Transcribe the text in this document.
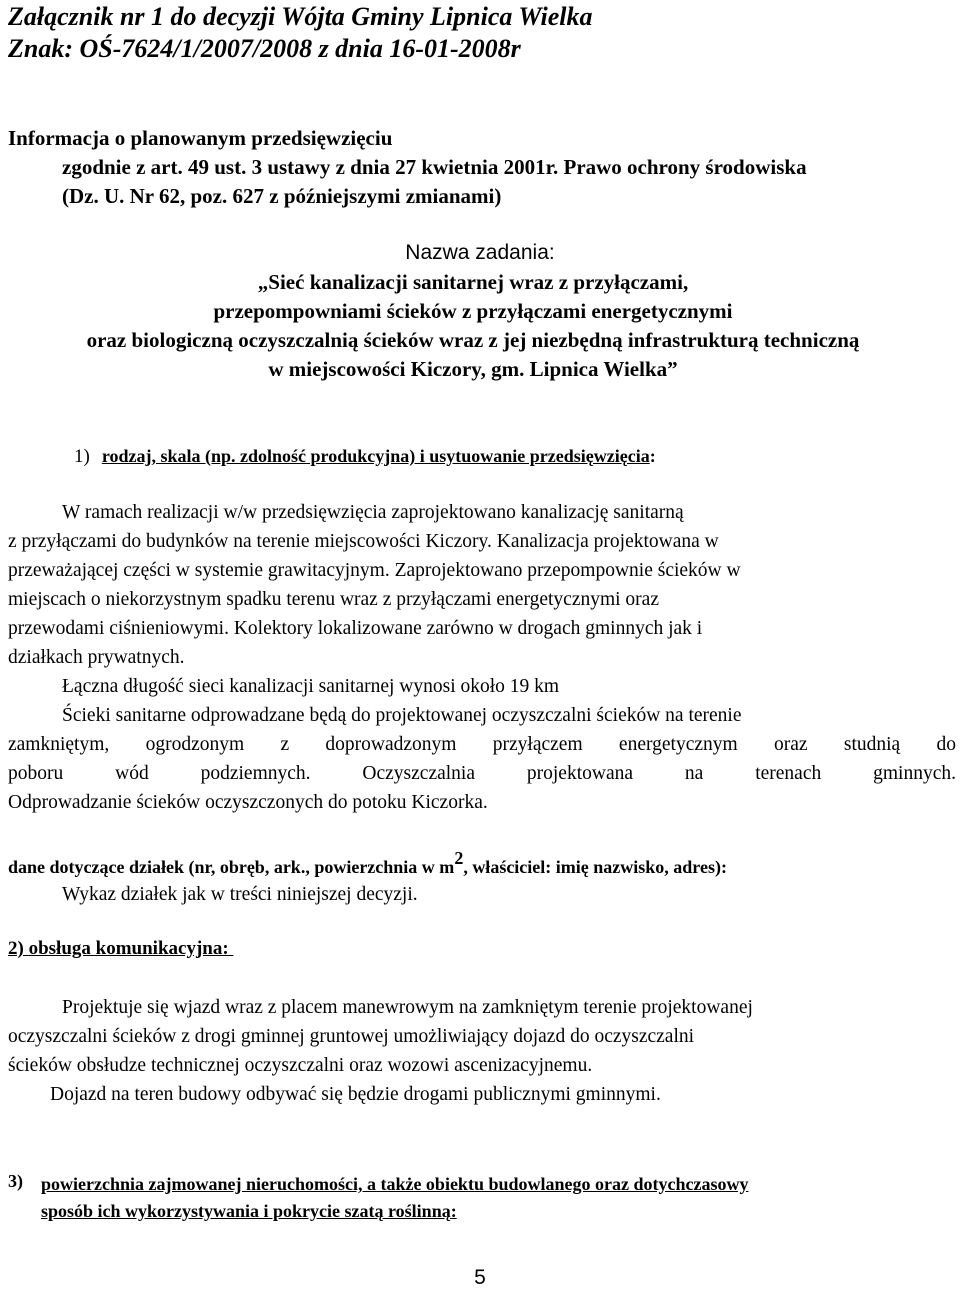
Załącznik nr 1 do decyzji Wójta Gminy Lipnica Wielka
Znak: OŚ-7624/1/2007/2008 z dnia 16-01-2008r
Informacja o planowanym przedsięwzięciu
zgodnie z art. 49 ust. 3 ustawy z dnia 27 kwietnia 2001r. Prawo ochrony środowiska
(Dz. U. Nr 62, poz. 627 z późniejszymi zmianami)
Nazwa zadania:
„Sieć kanalizacji sanitarnej wraz z przyłączami,
przepompowniami ścieków z przyłączami energetycznymi
oraz biologiczną oczyszczalnią ścieków wraz z jej niezbędną infrastrukturą techniczną
w miejscowości Kiczory, gm. Lipnica Wielka”
1) rodzaj, skala (np. zdolność produkcyjna) i usytuowanie przedsięwzięcia:
W ramach realizacji w/w przedsięwzięcia zaprojektowano kanalizację sanitarną
z przyłączami do budynków na terenie miejscowości Kiczory. Kanalizacja projektowana w
przeważającej części w systemie grawitacyjnym. Zaprojektowano przepompownie ścieków w
miejscach o niekorzystnym spadku terenu wraz z przyłączami energetycznymi oraz
przewodami ciśnieniowymi. Kolektory lokalizowane zarówno w drogach gminnych jak i
działkach prywatnych.
Łączna długość sieci kanalizacji sanitarnej wynosi około 19 km
Ścieki sanitarne odprowadzane będą do projektowanej oczyszczalni ścieków na terenie
zamkniętym, ogrodzonym z doprowadzonym przyłączem energetycznym oraz studnią do
poboru wód podziemnych. Oczyszczalnia projektowana na terenach gminnych.
Odprowadzanie ścieków oczyszczonych do potoku Kiczorka.
dane dotyczące działek (nr, obręb, ark., powierzchnia w $m^2$, właściciel: imię nazwisko, adres):
Wykaz działek jak w treści niniejszej decyzji.
2) obsługa komunikacyjna:
Projektuje się wjazd wraz z placem manewrowym na zamkniętym terenie projektowanej
oczyszczalni ścieków z drogi gminnej gruntowej umożliwiający dojazd do oczyszczalni
ścieków obsłudze technicznej oczyszczalni oraz wozowi ascenizacyjnemu.
Dojazd na teren budowy odbywać się będzie drogami publicznymi gminnymi.
3) powierzchnia zajmowanej nieruchomości, a także obiektu budowlanego oraz dotychczasowy
sposób ich wykorzystywania i pokrycie szatą roślinną:
5
